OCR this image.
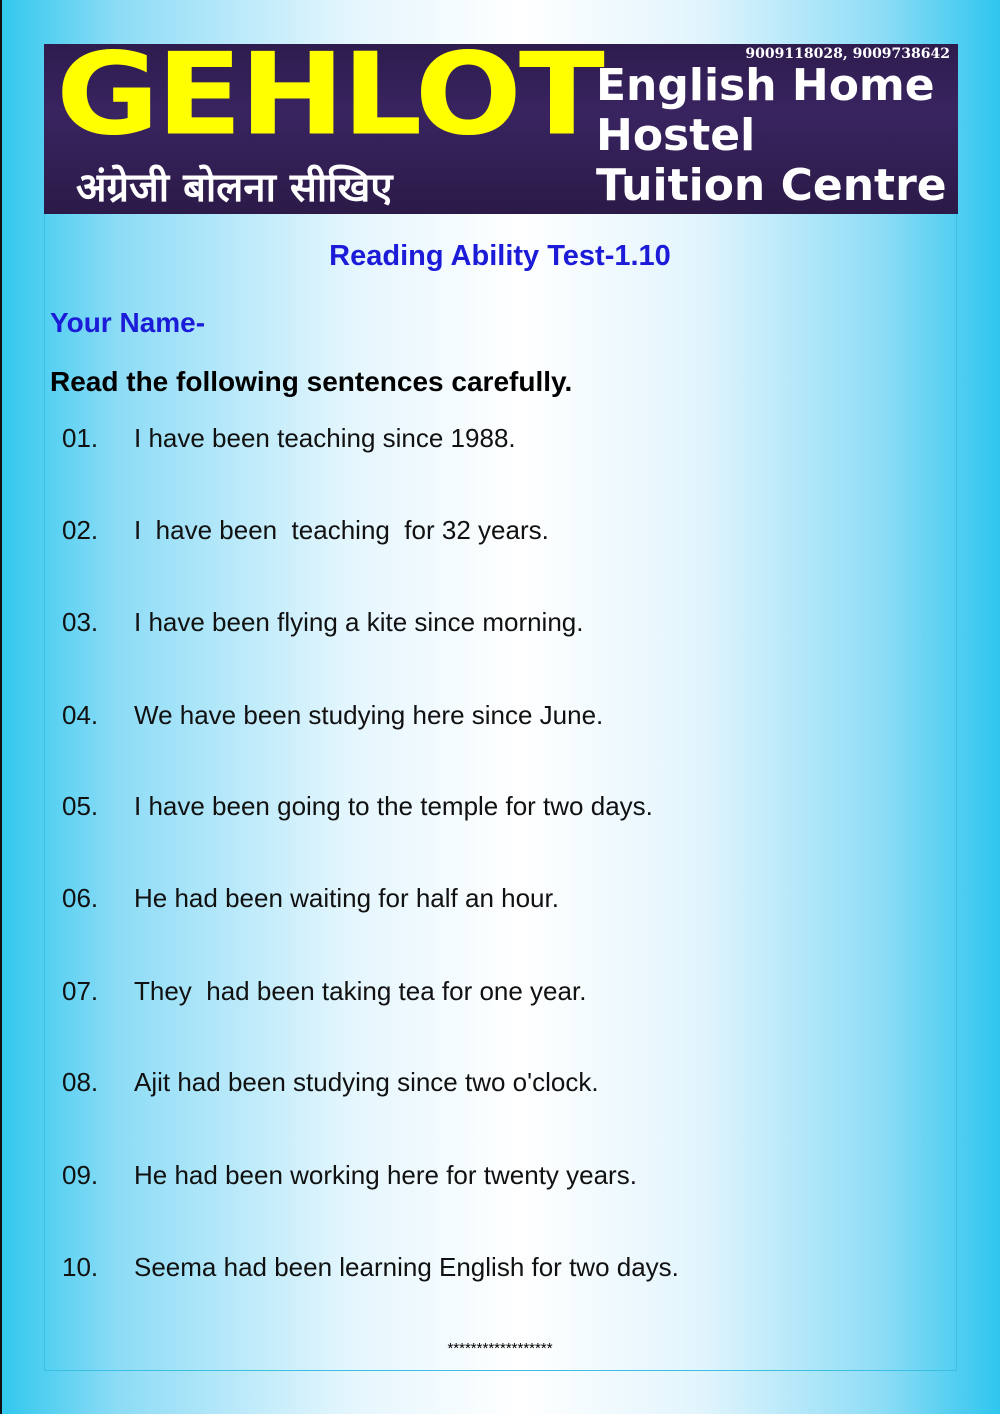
GEHLOT
अंग्रेजी बोलना सीखिए
9009118028, 9009738642
English Home
Hostel
Tuition Centre
Reading Ability Test-1.10
Your Name-
Read the following sentences carefully.
01. I have been teaching since 1988.
02. I  have been  teaching  for 32 years.
03. I have been flying a kite since morning.
04. We have been studying here since June.
05. I have been going to the temple for two days.
06. He had been waiting for half an hour.
07. They  had been taking tea for one year.
08. Ajit had been studying since two o'clock.
09. He had been working here for twenty years.
10. Seema had been learning English for two days.
******************
